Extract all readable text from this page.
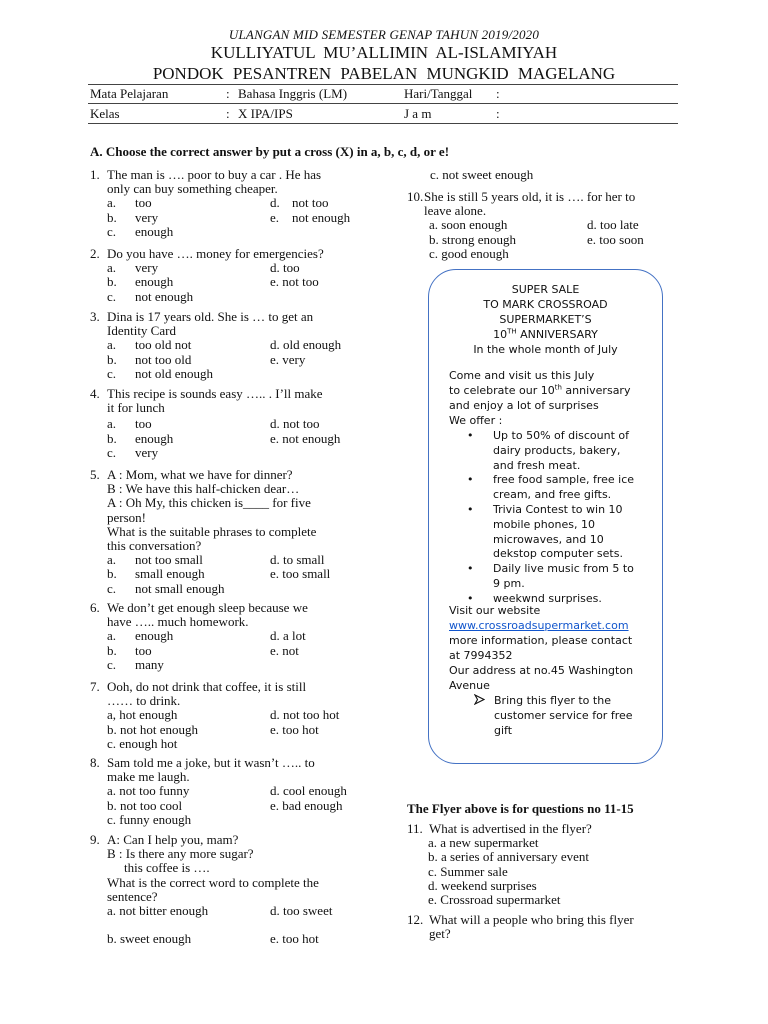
ULANGAN MID SEMESTER GENAP TAHUN 2019/2020
KULLIYATUL MU’ALLIMIN AL-ISLAMIYAH
PONDOK PESANTREN PABELAN MUNGKID MAGELANG
Mata Pelajaran	: Bahasa Inggris (LM)	Hari/Tanggal :
Kelas	: X IPA/IPS	J a m	:
A. Choose the correct answer by put a cross (X) in a, b, c, d, or e!
1. The man is …. poor to buy a car . He has
only can buy something cheaper.
a. too	d. not too
b. very	e. not enough
c. enough
2. Do you have …. money for emergencies?
a. very	d. too
b. enough	e. not too
c. not enough
3. Dina is 17 years old. She is … to get an
Identity Card
a. too old not	d. old enough
b. not too old	e. very
c. not old enough
4. This recipe is sounds easy ….. . I’ll make
it for lunch
a. too	d. not too
b. enough	e. not enough
c. very
5. A : Mom, what we have for dinner?
B : We have this half-chicken dear…
A : Oh My, this chicken is____ for five
person!
What is the suitable phrases to complete
this conversation?
a. not too small	d. to small
b. small enough	e. too small
c. not small enough
6. We don’t get enough sleep because we
have ….. much homework.
a. enough	d. a lot
b. too	e. not
c. many
7. Ooh, do not drink that coffee, it is still
…… to drink.
a, hot enough	d. not too hot
b. not hot enough	e. too hot
c. enough hot
8. Sam told me a joke, but it wasn’t ….. to
make me laugh.
a. not too funny	d. cool enough
b. not too cool	e. bad enough
c. funny enough
9. A: Can I help you, mam?
B : Is there any more sugar?
this coffee is ….
What is the correct word to complete the
sentence?
a. not bitter enough	d. too sweet
b. sweet enough	e. too hot
c. not sweet enough
10.She is still 5 years old, it is …. for her to
leave alone.
a. soon enough	d. too late
b. strong enough	e. too soon
c. good enough
SUPER SALE
TO MARK CROSSROAD
SUPERMARKET’S
10TH ANNIVERSARY
In the whole month of July
Come and visit us this July
to celebrate our 10th anniversary
and enjoy a lot of surprises
We offer :
• Up to 50% of discount of
dairy products, bakery,
and fresh meat.
• free food sample, free ice
cream, and free gifts.
• Trivia Contest to win 10
mobile phones, 10
microwaves, and 10
dekstop computer sets.
• Daily live music from 5 to
9 pm.
• weekwnd surprises.
Visit our website
www.crossroadsupermarket.com
more information, please contact
at 7994352
Our address at no.45 Washington
Avenue
Bring this flyer to the
customer service for free
gift
The Flyer above is for questions no 11-15
11. What is advertised in the flyer?
a. a new supermarket
b. a series of anniversary event
c. Summer sale
d. weekend surprises
e. Crossroad supermarket
12. What will a people who bring this flyer
get?
